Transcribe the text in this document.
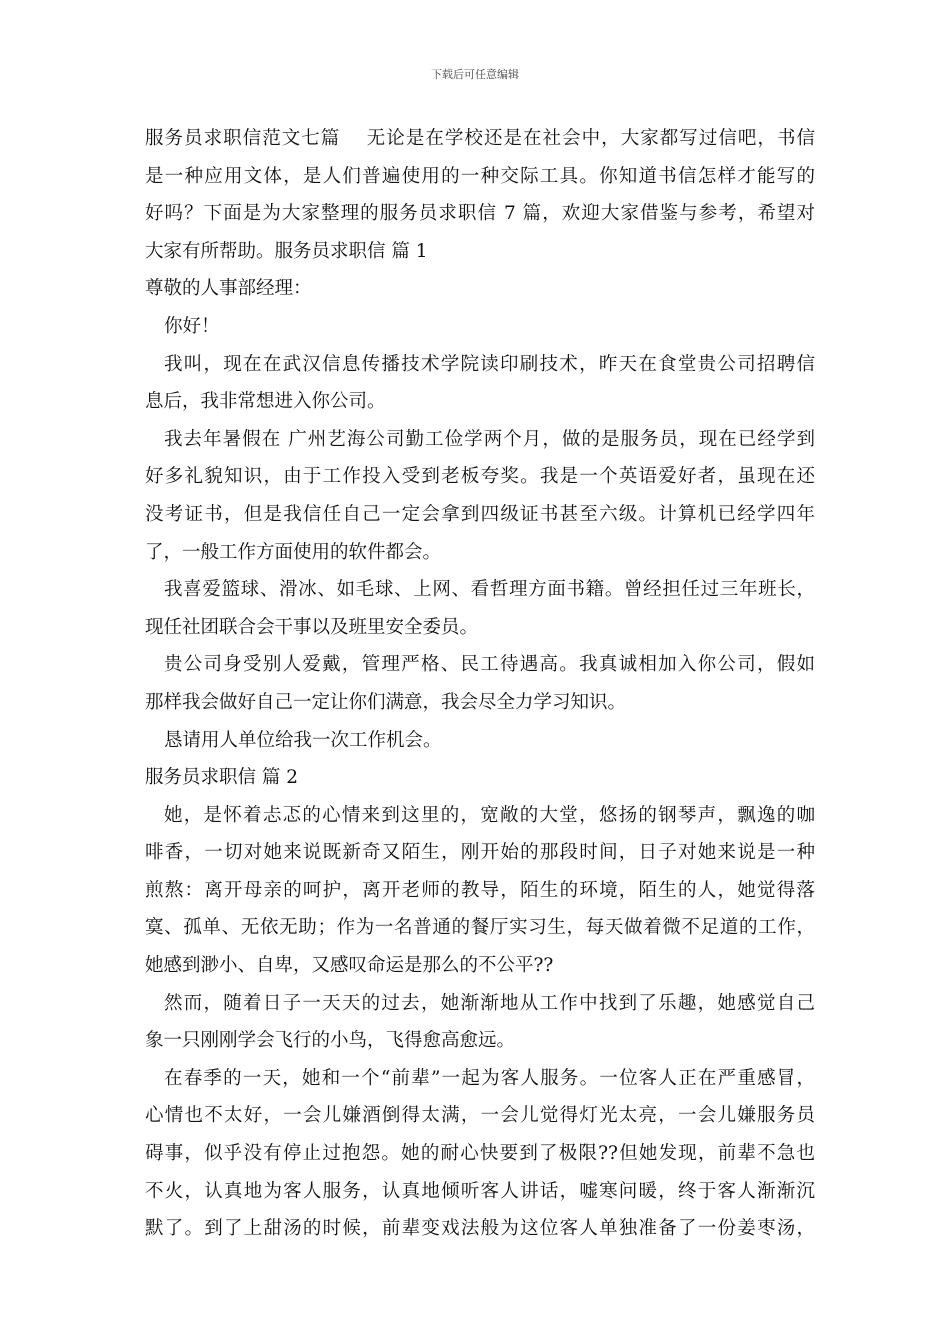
下载后可任意编辑
服务员求职信范文七篇　 无论是在学校还是在社会中，大家都写过信吧，书信
是一种应用文体，是人们普遍使用的一种交际工具。你知道书信怎样才能写的
好吗？下面是为大家整理的服务员求职信 7 篇，欢迎大家借鉴与参考，希望对
大家有所帮助。服务员求职信 篇 1
尊敬的人事部经理：
你好！
我叫，现在在武汉信息传播技术学院读印刷技术，昨天在食堂贵公司招聘信
息后，我非常想进入你公司。
我去年暑假在 广州艺海公司勤工俭学两个月，做的是服务员，现在已经学到
好多礼貌知识，由于工作投入受到老板夸奖。我是一个英语爱好者，虽现在还
没考证书，但是我信任自己一定会拿到四级证书甚至六级。计算机已经学四年
了，一般工作方面使用的软件都会。
我喜爱篮球、滑冰、如毛球、上网、看哲理方面书籍。曾经担任过三年班长，
现任社团联合会干事以及班里安全委员。
贵公司身受别人爱戴，管理严格、民工待遇高。我真诚相加入你公司，假如
那样我会做好自己一定让你们满意，我会尽全力学习知识。
恳请用人单位给我一次工作机会。
服务员求职信 篇 2
她，是怀着忐忑的心情来到这里的，宽敞的大堂，悠扬的钢琴声，飘逸的咖
啡香，一切对她来说既新奇又陌生，刚开始的那段时间，日子对她来说是一种
煎熬：离开母亲的呵护，离开老师的教导，陌生的环境，陌生的人，她觉得落
寞、孤单、无依无助；作为一名普通的餐厅实习生，每天做着微不足道的工作，
她感到渺小、自卑，又感叹命运是那么的不公平??
然而，随着日子一天天的过去，她渐渐地从工作中找到了乐趣，她感觉自己
象一只刚刚学会飞行的小鸟，飞得愈高愈远。
在春季的一天，她和一个“前辈”一起为客人服务。一位客人正在严重感冒，
心情也不太好，一会儿嫌酒倒得太满，一会儿觉得灯光太亮，一会儿嫌服务员
碍事，似乎没有停止过抱怨。她的耐心快要到了极限??但她发现，前辈不急也
不火，认真地为客人服务，认真地倾听客人讲话，嘘寒问暖，终于客人渐渐沉
默了。到了上甜汤的时候，前辈变戏法般为这位客人单独准备了一份姜枣汤，
